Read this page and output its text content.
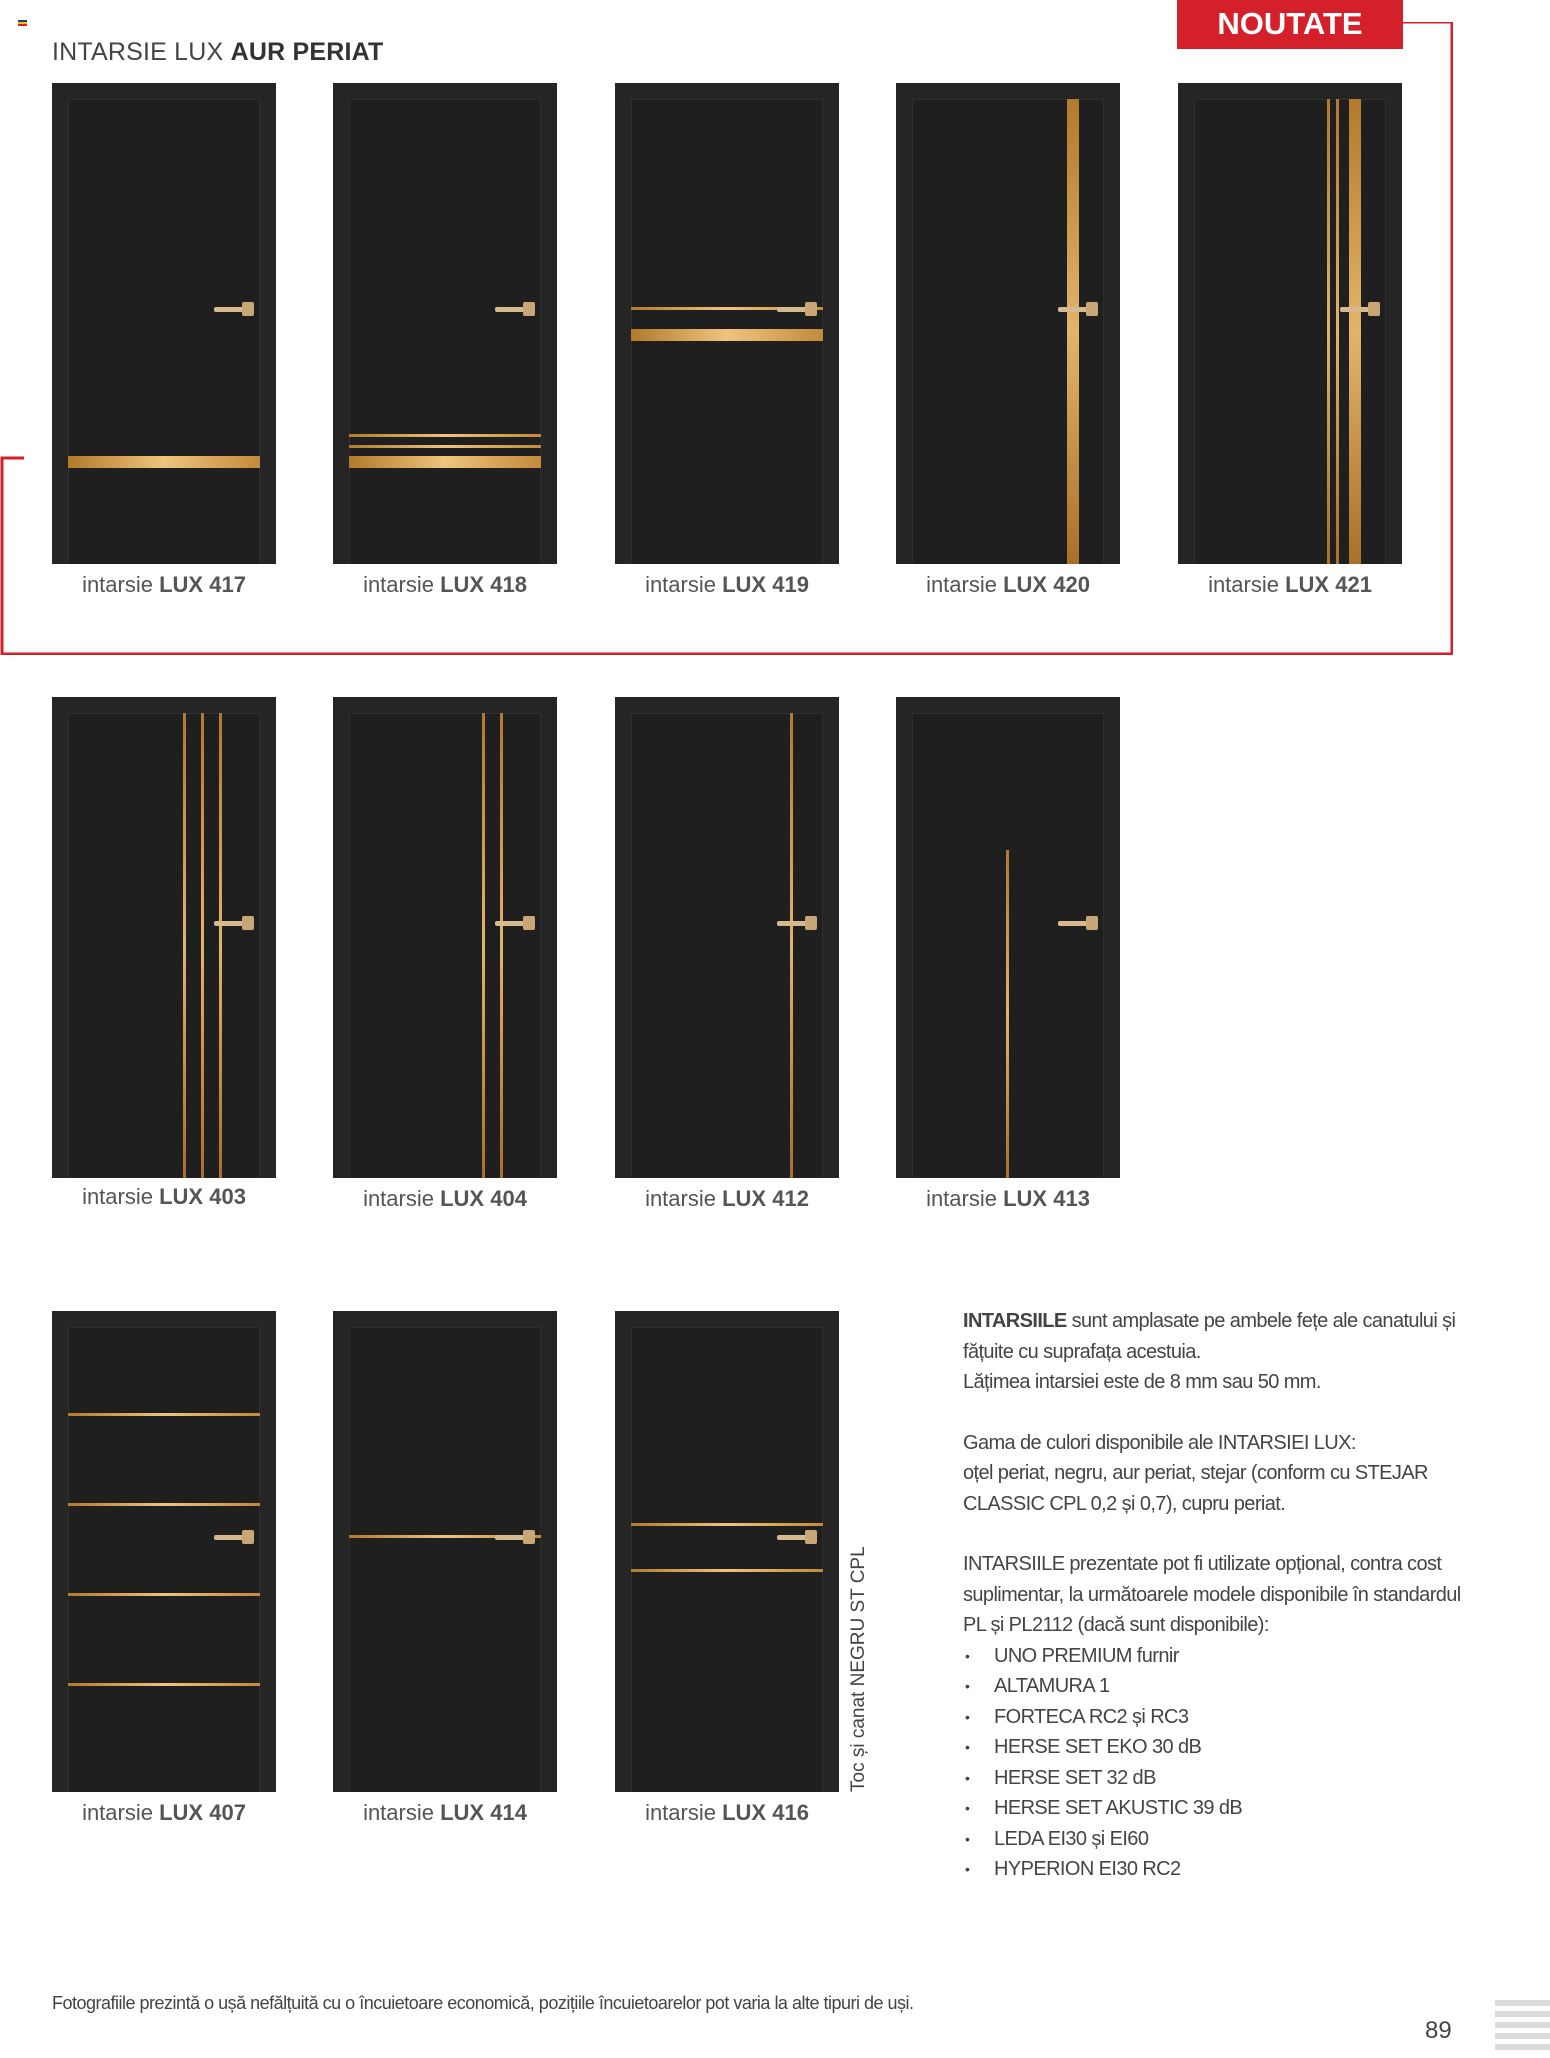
INTARSIE LUX AUR PERIAT
NOUTATE
intarsie LUX 417	intarsie LUX 418	intarsie LUX 419	intarsie LUX 420	intarsie LUX 421
intarsie LUX 403	intarsie LUX 404	intarsie LUX 412	intarsie LUX 413
intarsie LUX 407	intarsie LUX 414	intarsie LUX 416
Toc și canat NEGRU ST CPL

INTARSIILE sunt amplasate pe ambele fețe ale canatului și fățuite cu suprafața acestuia.

Lățimea intarsiei este de 8 mm sau 50 mm.

Gama de culori disponibile ale INTARSIEI LUX:

oțel periat, negru, aur periat, stejar (conform cu STEJAR CLASSIC CPL 0,2 și 0,7), cupru periat.

INTARSIILE prezentate pot fi utilizate opțional, contra cost suplimentar, la următoarele modele disponibile în standardul PL și PL2112 (dacă sunt disponibile):

• UNO PREMIUM furnir
• ALTAMURA 1
• FORTECA RC2 și RC3
• HERSE SET EKO 30 dB
• HERSE SET 32 dB
• HERSE SET AKUSTIC 39 dB
• LEDA EI30 și EI60
• HYPERION EI30 RC2
Fotografiile prezintă o ușă nefălțuită cu o încuietoare economică, pozițiile încuietoarelor pot varia la alte tipuri de uși.
89
